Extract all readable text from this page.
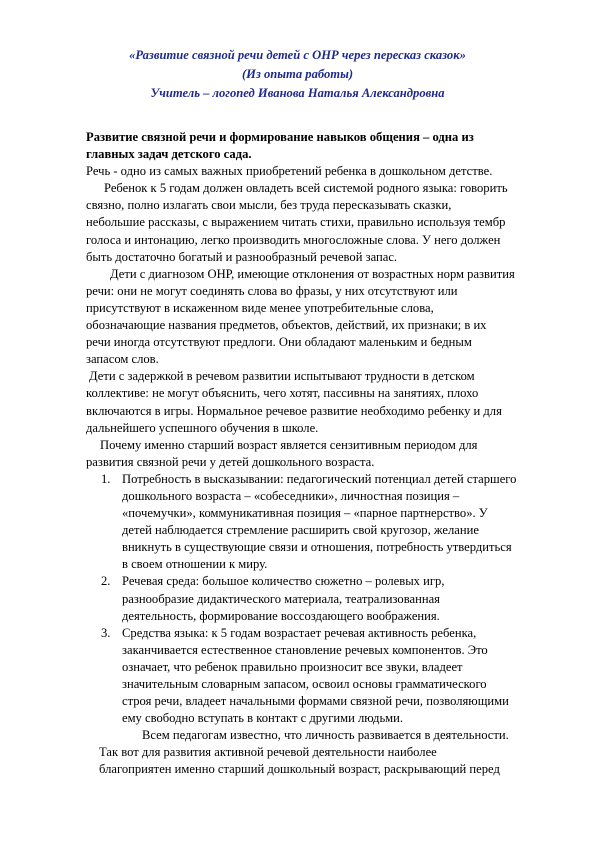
«Развитие связной речи детей с ОНР через пересказ сказок»
(Из опыта работы)
Учитель – логопед Иванова Наталья Александровна
Развитие связной речи и формирование навыков общения – одна из
главных задач детского сада.
Речь - одно из самых важных приобретений ребенка в дошкольном детстве.
Ребенок к 5 годам должен овладеть всей системой родного языка: говорить
связно, полно излагать свои мысли, без труда пересказывать сказки,
небольшие рассказы, с выражением читать стихи, правильно используя тембр
голоса и интонацию, легко производить многосложные слова. У него должен
быть достаточно богатый и разнообразный речевой запас.
Дети с диагнозом ОНР, имеющие отклонения от возрастных норм развития
речи: они не могут соединять слова во фразы, у них отсутствуют или
присутствуют в искаженном виде менее употребительные слова,
обозначающие названия предметов, объектов, действий, их признаки; в их
речи иногда отсутствуют предлоги. Они обладают маленьким и бедным
запасом слов.
Дети с задержкой в речевом развитии испытывают трудности в детском
коллективе: не могут объяснить, чего хотят, пассивны на занятиях, плохо
включаются в игры. Нормальное речевое развитие необходимо ребенку и для
дальнейшего успешного обучения в школе.
Почему именно старший возраст является сензитивным периодом для
развития связной речи у детей дошкольного возраста.
1. Потребность в высказывании: педагогический потенциал детей старшего
дошкольного возраста – «собеседники», личностная позиция –
«почемучки», коммуникативная позиция – «парное партнерство». У
детей наблюдается стремление расширить свой кругозор, желание
вникнуть в существующие связи и отношения, потребность утвердиться
в своем отношении к миру.
2. Речевая среда: большое количество сюжетно – ролевых игр,
разнообразие дидактического материала, театрализованная
деятельность, формирование воссоздающего воображения.
3. Средства языка: к 5 годам возрастает речевая активность ребенка,
заканчивается естественное становление речевых компонентов. Это
означает, что ребенок правильно произносит все звуки, владеет
значительным словарным запасом, освоил основы грамматического
строя речи, владеет начальными формами связной речи, позволяющими
ему свободно вступать в контакт с другими людьми.
Всем педагогам известно, что личность развивается в деятельности.
Так вот для развития активной речевой деятельности наиболее
благоприятен именно старший дошкольный возраст, раскрывающий перед
